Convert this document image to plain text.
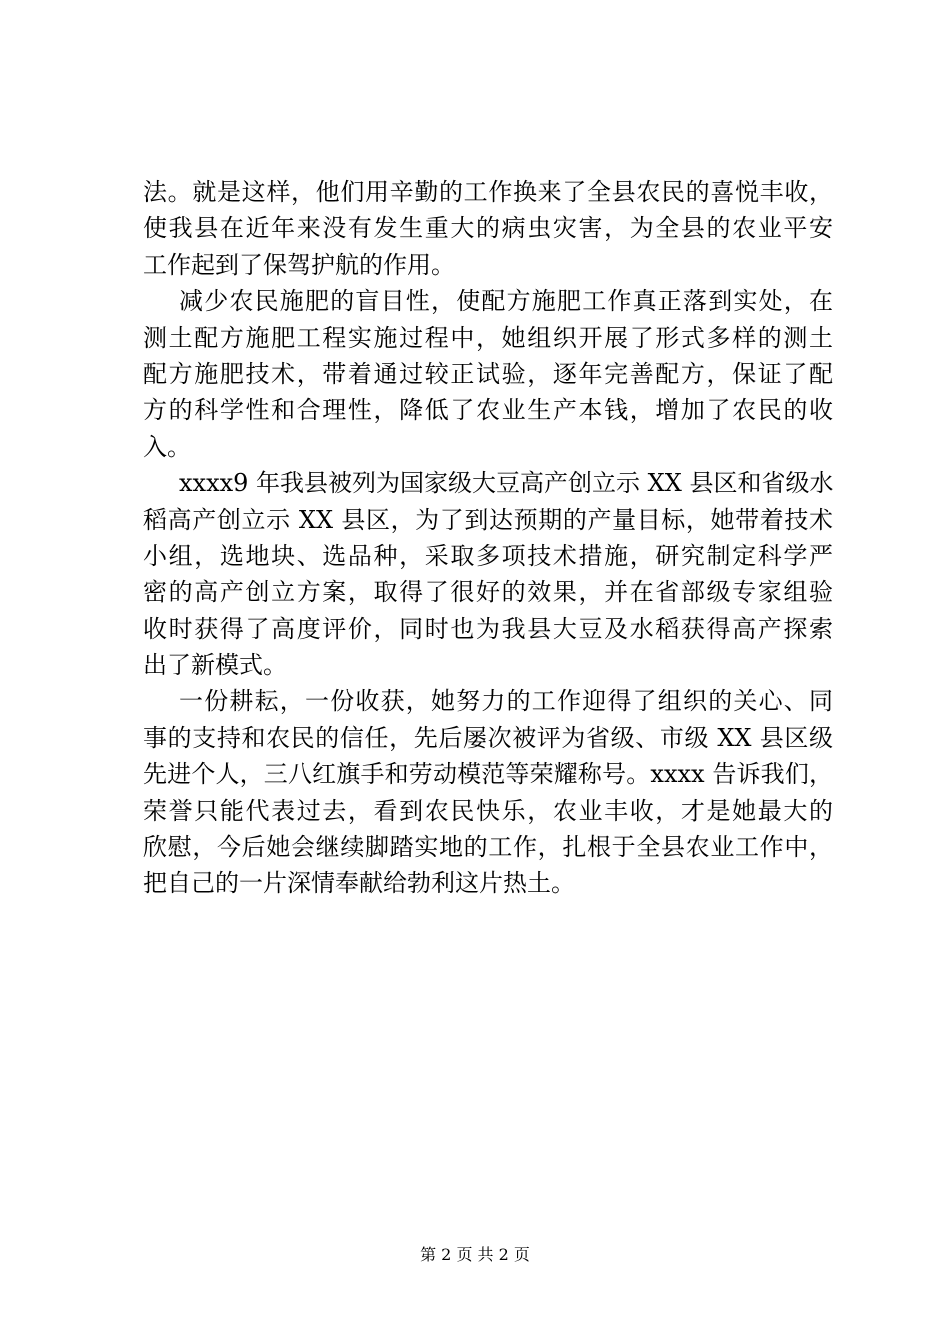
法。就是这样，他们用辛勤的工作换来了全县农民的喜悦丰收，
使我县在近年来没有发生重大的病虫灾害，为全县的农业平安
工作起到了保驾护航的作用。

减少农民施肥的盲目性，使配方施肥工作真正落到实处，在
测土配方施肥工程实施过程中，她组织开展了形式多样的测土
配方施肥技术，带着通过较正试验，逐年完善配方，保证了配
方的科学性和合理性，降低了农业生产本钱，增加了农民的收
入。

xxxx9 年我县被列为国家级大豆高产创立示 XX 县区和省级水
稻高产创立示 XX 县区，为了到达预期的产量目标，她带着技术
小组，选地块、选品种，采取多项技术措施，研究制定科学严
密的高产创立方案，取得了很好的效果，并在省部级专家组验
收时获得了高度评价，同时也为我县大豆及水稻获得高产探索
出了新模式。

一份耕耘，一份收获，她努力的工作迎得了组织的关心、同
事的支持和农民的信任，先后屡次被评为省级、市级 XX 县区级
先进个人，三八红旗手和劳动模范等荣耀称号。xxxx 告诉我们，
荣誉只能代表过去，看到农民快乐，农业丰收，才是她最大的
欣慰，今后她会继续脚踏实地的工作，扎根于全县农业工作中，
把自己的一片深情奉献给勃利这片热土。

第 2 页 共 2 页
